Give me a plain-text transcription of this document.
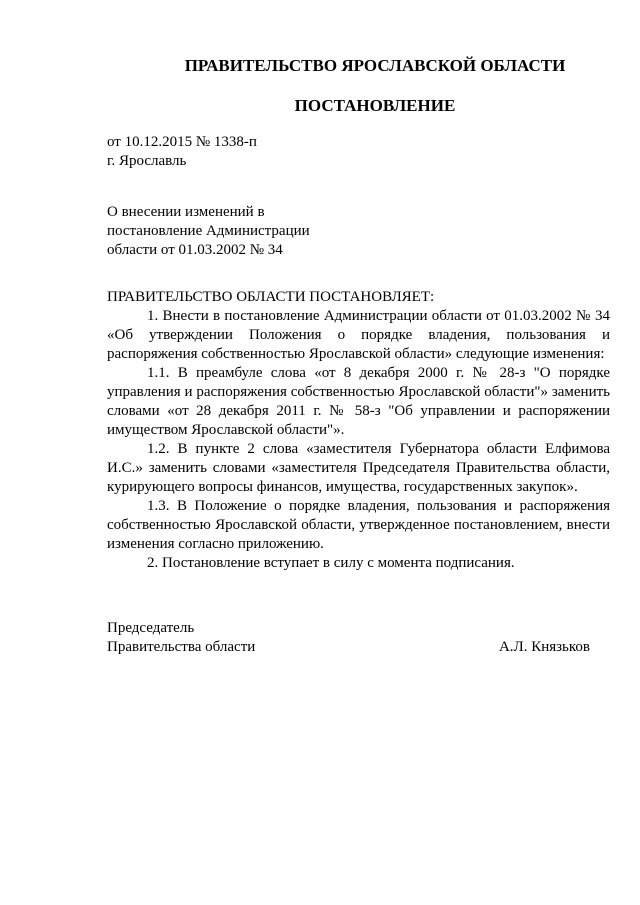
ПРАВИТЕЛЬСТВО ЯРОСЛАВСКОЙ ОБЛАСТИ
ПОСТАНОВЛЕНИЕ
от 10.12.2015 № 1338-п
г. Ярославль
О внесении изменений в
постановление Администрации
области от 01.03.2002 № 34

ПРАВИТЕЛЬСТВО ОБЛАСТИ ПОСТАНОВЛЯЕТ:

1. Внести в постановление Администрации области от 01.03.2002 № 34 «Об утверждении Положения о порядке владения, пользования и распоряжения собственностью Ярославской области» следующие изменения:

1.1. В преамбуле слова «от 8 декабря 2000 г. № 28-з "О порядке управления и распоряжения собственностью Ярославской области"» заменить словами «от 28 декабря 2011 г. № 58-з "Об управлении и распоряжении имуществом Ярославской области"».

1.2. В пункте 2 слова «заместителя Губернатора области Елфимова И.С.» заменить словами «заместителя Председателя Правительства области, курирующего вопросы финансов, имущества, государственных закупок».

1.3. В Положение о порядке владения, пользования и распоряжения собственностью Ярославской области, утвержденное постановлением, внести изменения согласно приложению.

2. Постановление вступает в силу с момента подписания.

Председатель
Правительства области	А.Л. Князьков
